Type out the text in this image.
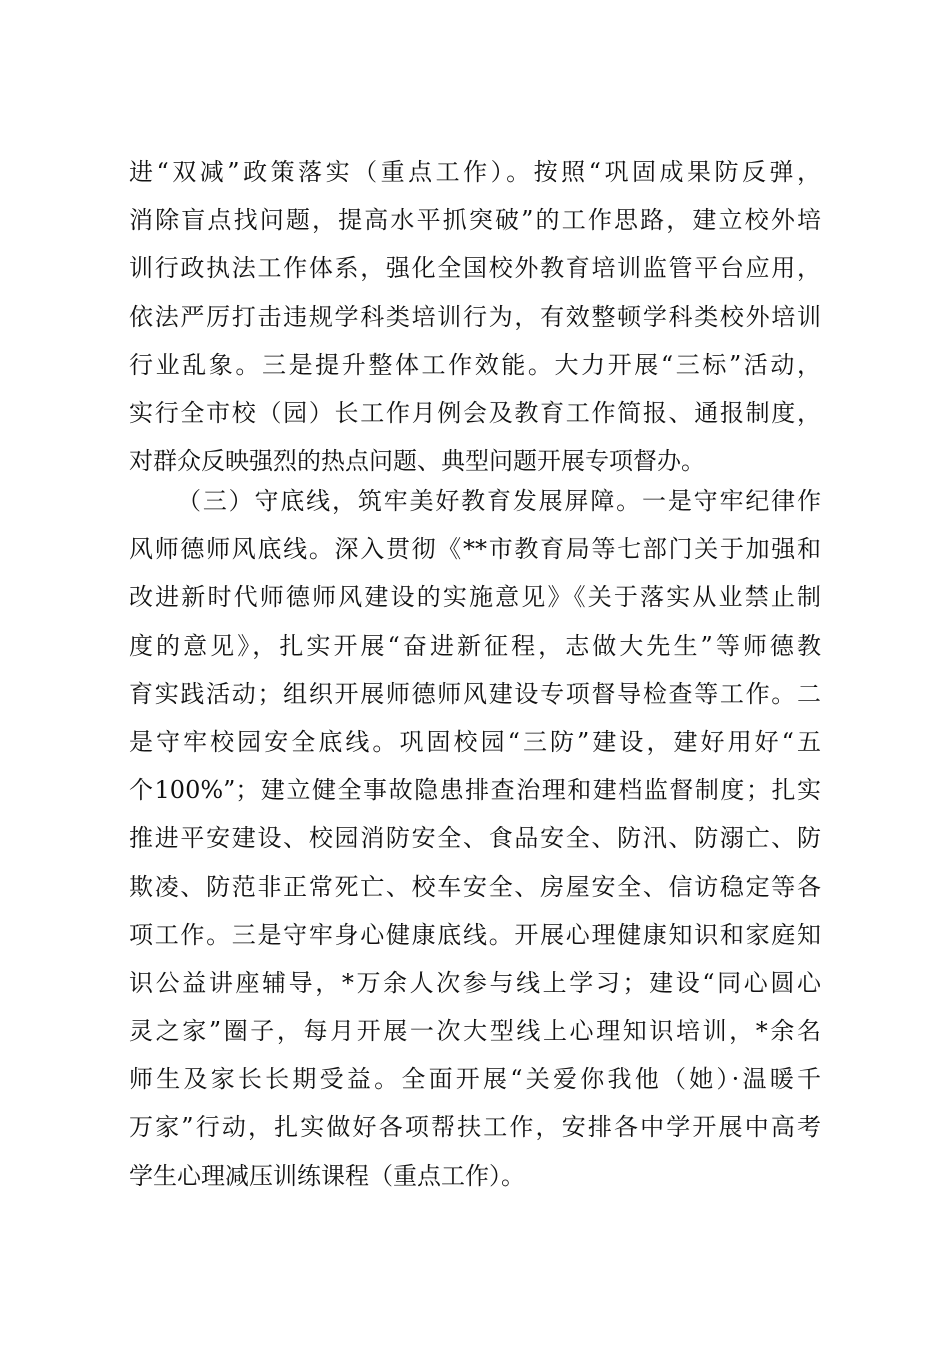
进“双减”政策落实（重点工作）。按照“巩固成果防反弹，
消除盲点找问题，提高水平抓突破”的工作思路，建立校外培
训行政执法工作体系，强化全国校外教育培训监管平台应用，
依法严厉打击违规学科类培训行为，有效整顿学科类校外培训
行业乱象。三是提升整体工作效能。大力开展“三标”活动，
实行全市校（园）长工作月例会及教育工作简报、通报制度，
对群众反映强烈的热点问题、典型问题开展专项督办。
（三）守底线，筑牢美好教育发展屏障。一是守牢纪律作
风师德师风底线。深入贯彻《**市教育局等七部门关于加强和
改进新时代师德师风建设的实施意见》《关于落实从业禁止制
度的意见》，扎实开展“奋进新征程，志做大先生”等师德教
育实践活动；组织开展师德师风建设专项督导检查等工作。二
是守牢校园安全底线。巩固校园“三防”建设，建好用好“五
个100%”；建立健全事故隐患排查治理和建档监督制度；扎实
推进平安建设、校园消防安全、食品安全、防汛、防溺亡、防
欺凌、防范非正常死亡、校车安全、房屋安全、信访稳定等各
项工作。三是守牢身心健康底线。开展心理健康知识和家庭知
识公益讲座辅导，*万余人次参与线上学习；建设“同心圆心
灵之家”圈子，每月开展一次大型线上心理知识培训，*余名
师生及家长长期受益。全面开展“关爱你我他（她）·温暖千
万家”行动，扎实做好各项帮扶工作，安排各中学开展中高考
学生心理减压训练课程（重点工作）。
